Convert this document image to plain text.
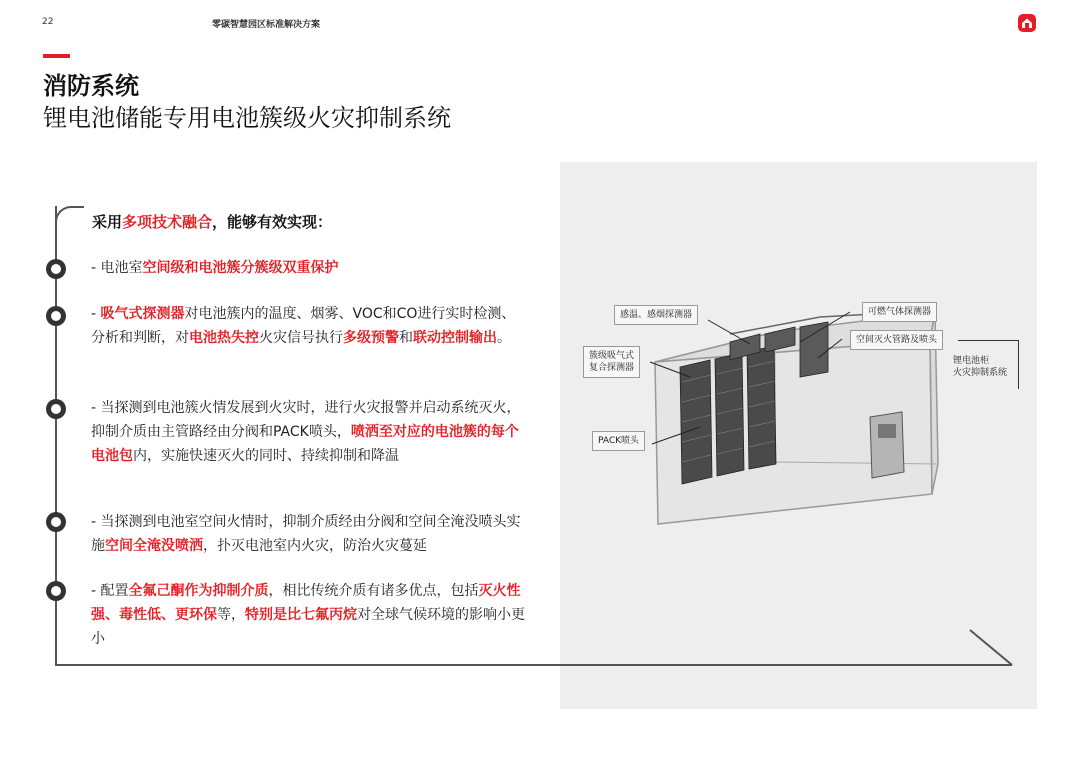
22	零碳智慧园区标准解决方案
消防系统
锂电池储能专用电池簇级火灾抑制系统
采用多项技术融合，能够有效实现：
- 电池室空间级和电池簇分簇级双重保护
- 吸气式探测器对电池簇内的温度、烟雾、VOC和CO进行实时检测、分析和判断，对电池热失控火灾信号执行多级预警和联动控制输出。
- 当探测到电池簇火情发展到火灾时，进行火灾报警并启动系统灭火，抑制介质由主管路经由分阀和PACK喷头，喷洒至对应的电池簇的每个电池包内，实施快速灭火的同时、持续抑制和降温
- 当探测到电池室空间火情时，抑制介质经由分阀和空间全淹没喷头实施空间全淹没喷洒，扑灭电池室内火灾，防治火灾蔓延
- 配置全氟己酮作为抑制介质，相比传统介质有诸多优点，包括灭火性强、毒性低、更环保等，特别是比七氟丙烷对全球气候环境的影响小更小
感温、感烟探测器	可燃气体探测器
空间灭火管路及喷头
簇级吸气式
复合探测器
锂电池柜
火灾抑制系统
PACK喷头
